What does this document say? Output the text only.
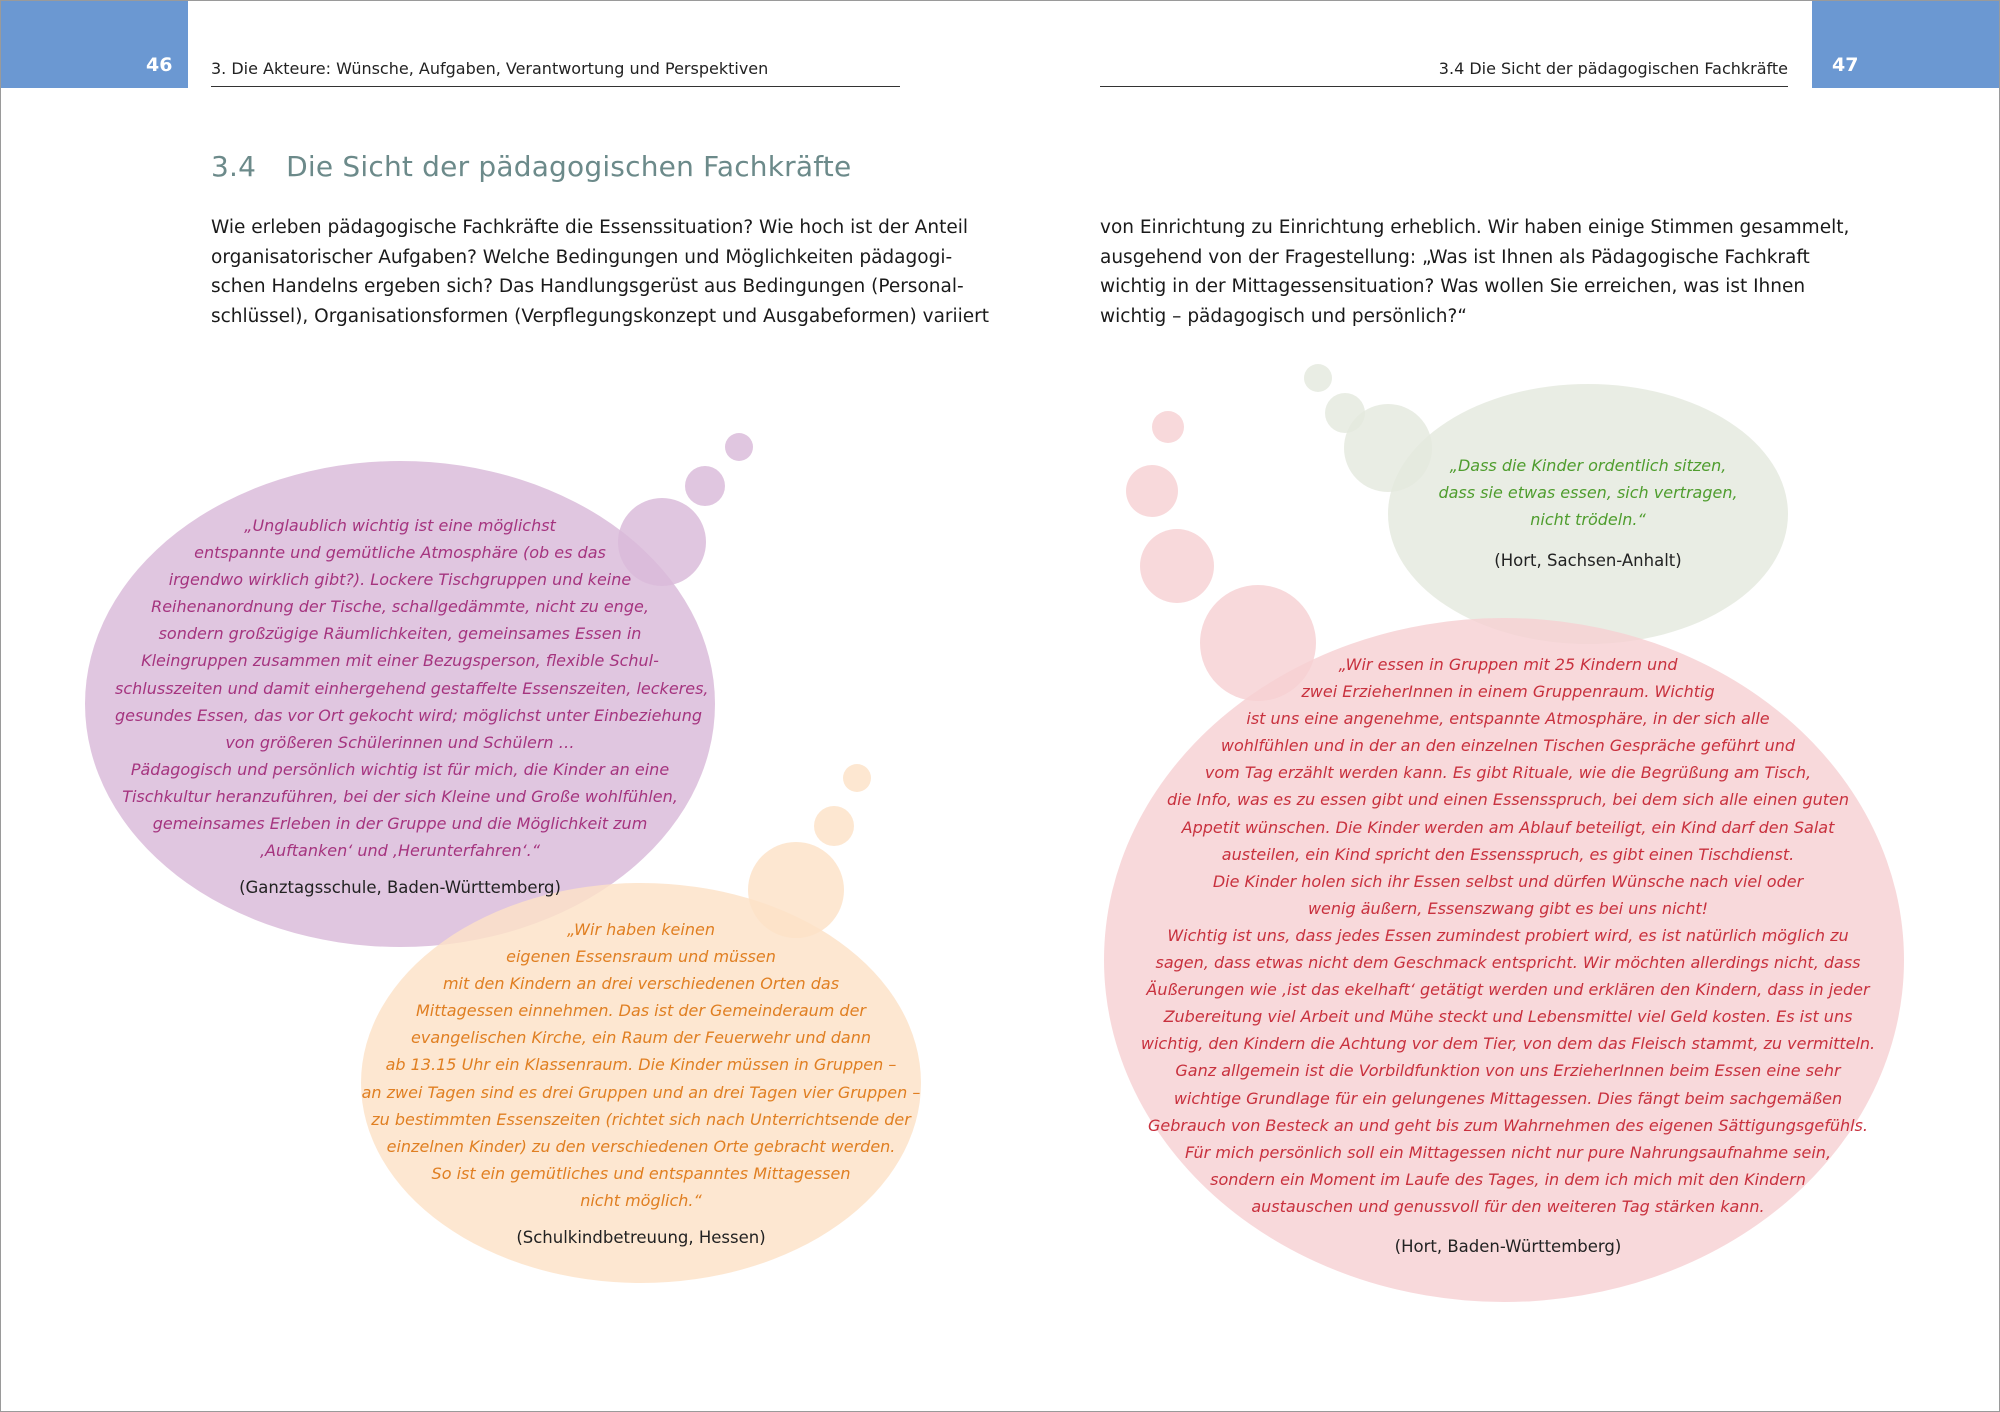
46 3. Die Akteure: Wünsche, Aufgaben, Verantwortung und Perspektiven
3.4 Die Sicht der pädagogischen Fachkräfte
Wie erleben pädagogische Fachkräfte die Essenssituation? Wie hoch ist der Anteil
organisatorischer Aufgaben? Welche Bedingungen und Möglichkeiten pädagogi-
schen Handelns ergeben sich? Das Handlungsgerüst aus Bedingungen (Personal-
schlüssel), Organisationsformen (Verpflegungskonzept und Ausgabeformen) variiert
„Unglaublich wichtig ist eine möglichst
entspannte und gemütliche Atmosphäre (ob es das
irgendwo wirklich gibt?). Lockere Tischgruppen und keine
Reihenanordnung der Tische, schallgedämmte, nicht zu enge,
sondern großzügige Räumlichkeiten, gemeinsames Essen in
Kleingruppen zusammen mit einer Bezugsperson, flexible Schul-
schlusszeiten und damit einhergehend gestaffelte Essenszeiten, leckeres,
gesundes Essen, das vor Ort gekocht wird; möglichst unter Einbeziehung
von größeren Schülerinnen und Schülern …
Pädagogisch und persönlich wichtig ist für mich, die Kinder an eine
Tischkultur heranzuführen, bei der sich Kleine und Große wohlfühlen,
gemeinsames Erleben in der Gruppe und die Möglichkeit zum
‚Auftanken‘ und ‚Herunterfahren‘.“
(Ganztagsschule, Baden-Württemberg)
„Wir haben keinen
eigenen Essensraum und müssen
mit den Kindern an drei verschiedenen Orten das
Mittagessen einnehmen. Das ist der Gemeinderaum der
evangelischen Kirche, ein Raum der Feuerwehr und dann
ab 13.15 Uhr ein Klassenraum. Die Kinder müssen in Gruppen –
an zwei Tagen sind es drei Gruppen und an drei Tagen vier Gruppen –
zu bestimmten Essenszeiten (richtet sich nach Unterrichtsende der
einzelnen Kinder) zu den verschiedenen Orte gebracht werden.
So ist ein gemütliches und entspanntes Mittagessen
nicht möglich.“
(Schulkindbetreuung, Hessen)
47
3.4 Die Sicht der pädagogischen Fachkräfte
von Einrichtung zu Einrichtung erheblich. Wir haben einige Stimmen gesammelt,
ausgehend von der Fragestellung: „Was ist Ihnen als Pädagogische Fachkraft
wichtig in der Mittagessensituation? Was wollen Sie erreichen, was ist Ihnen
wichtig – pädagogisch und persönlich?“
„Dass die Kinder ordentlich sitzen,
dass sie etwas essen, sich vertragen,
nicht trödeln.“
(Hort, Sachsen-Anhalt)
„Wir essen in Gruppen mit 25 Kindern und
zwei ErzieherInnen in einem Gruppenraum. Wichtig
ist uns eine angenehme, entspannte Atmosphäre, in der sich alle
wohlfühlen und in der an den einzelnen Tischen Gespräche geführt und
vom Tag erzählt werden kann. Es gibt Rituale, wie die Begrüßung am Tisch,
die Info, was es zu essen gibt und einen Essensspruch, bei dem sich alle einen guten
Appetit wünschen. Die Kinder werden am Ablauf beteiligt, ein Kind darf den Salat
austeilen, ein Kind spricht den Essensspruch, es gibt einen Tischdienst.
Die Kinder holen sich ihr Essen selbst und dürfen Wünsche nach viel oder
wenig äußern, Essenszwang gibt es bei uns nicht!
Wichtig ist uns, dass jedes Essen zumindest probiert wird, es ist natürlich möglich zu
sagen, dass etwas nicht dem Geschmack entspricht. Wir möchten allerdings nicht, dass
Äußerungen wie ‚ist das ekelhaft‘ getätigt werden und erklären den Kindern, dass in jeder
Zubereitung viel Arbeit und Mühe steckt und Lebensmittel viel Geld kosten. Es ist uns
wichtig, den Kindern die Achtung vor dem Tier, von dem das Fleisch stammt, zu vermitteln.
Ganz allgemein ist die Vorbildfunktion von uns ErzieherInnen beim Essen eine sehr
wichtige Grundlage für ein gelungenes Mittagessen. Dies fängt beim sachgemäßen
Gebrauch von Besteck an und geht bis zum Wahrnehmen des eigenen Sättigungsgefühls.
Für mich persönlich soll ein Mittagessen nicht nur pure Nahrungsaufnahme sein,
sondern ein Moment im Laufe des Tages, in dem ich mich mit den Kindern
austauschen und genussvoll für den weiteren Tag stärken kann.
(Hort, Baden-Württemberg)
